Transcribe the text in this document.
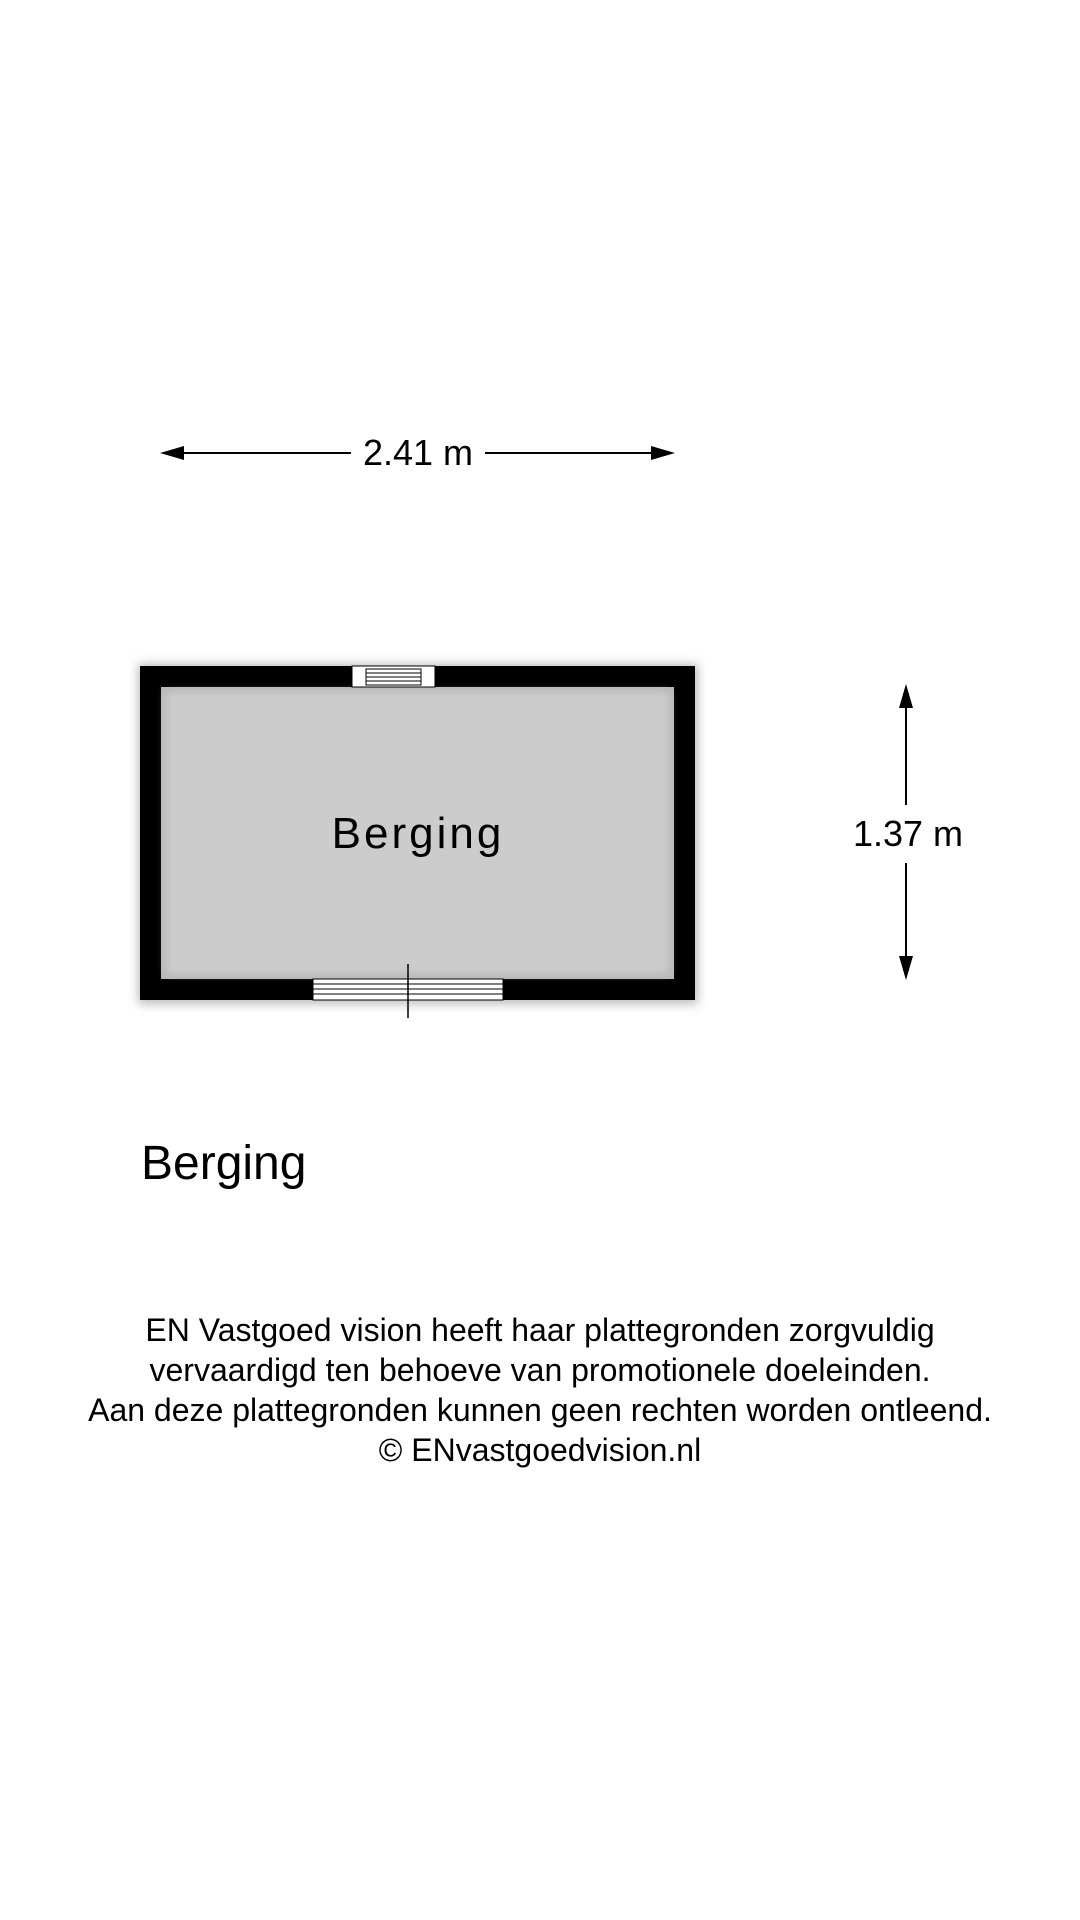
2.41 m
1.37 m
Berging
Berging
EN Vastgoed vision heeft haar plattegronden zorgvuldig
vervaardigd ten behoeve van promotionele doeleinden.
Aan deze plattegronden kunnen geen rechten worden ontleend.
© ENvastgoedvision.nl
